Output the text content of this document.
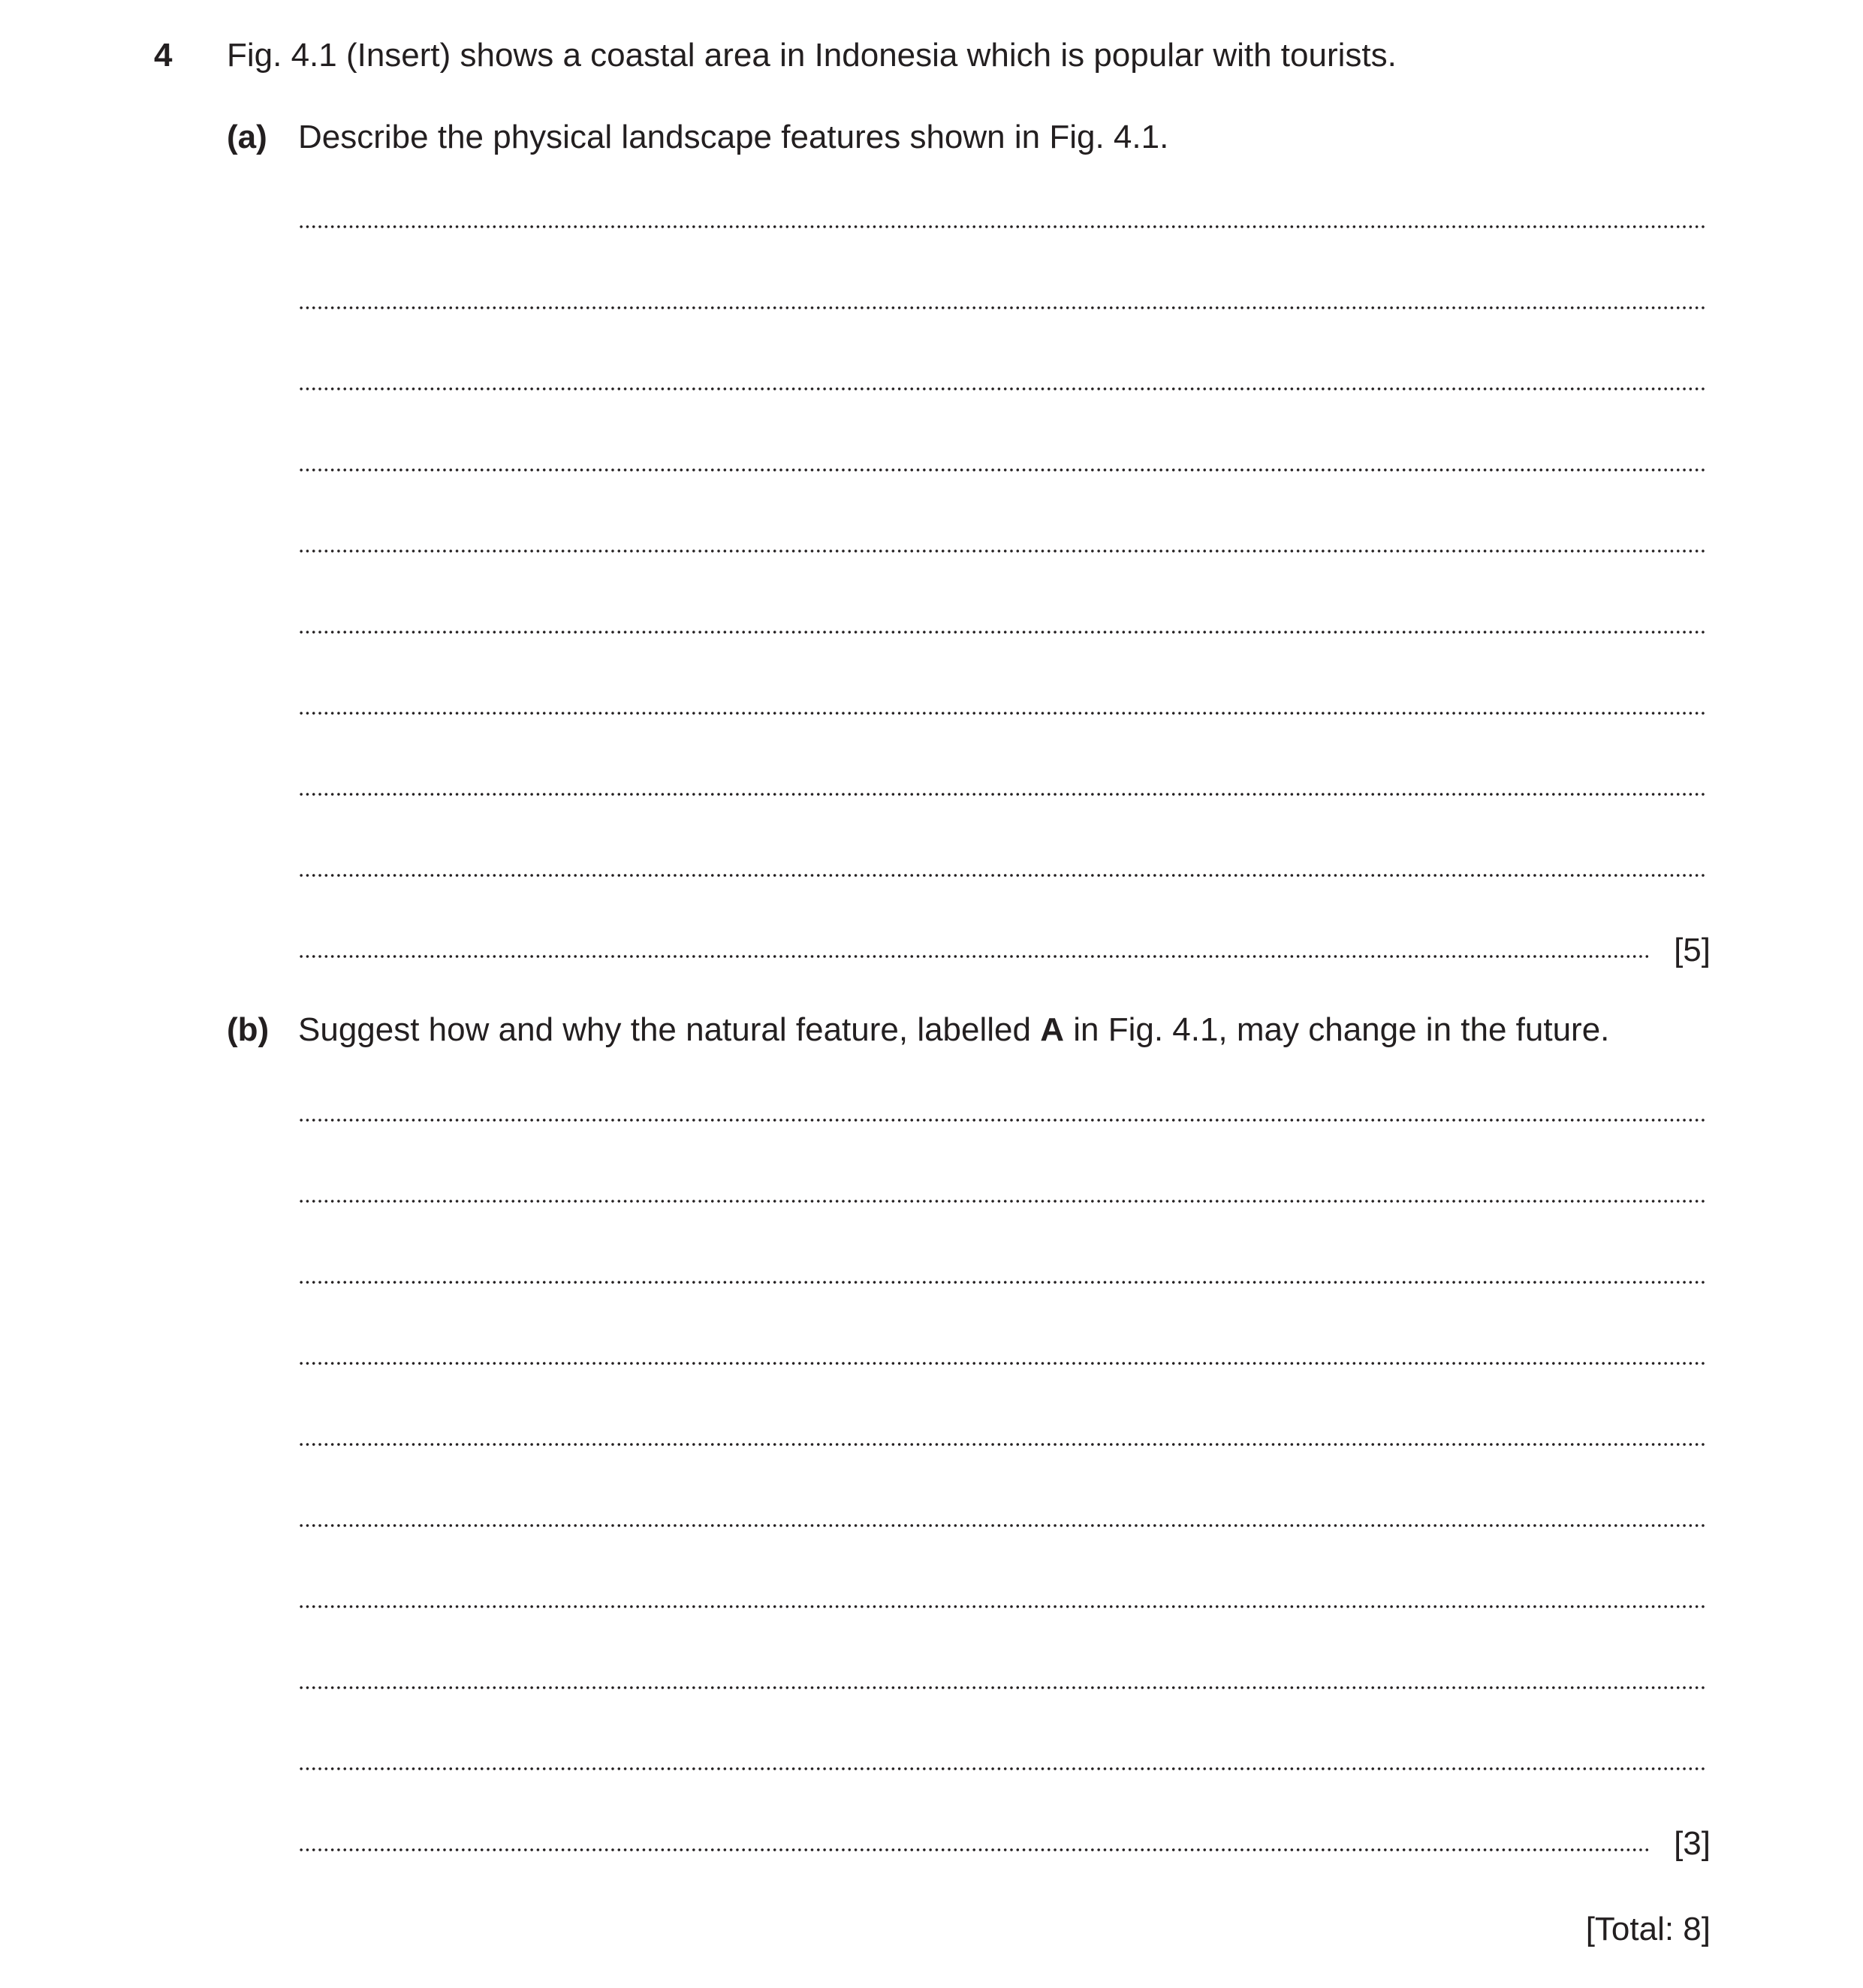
4 Fig. 4.1 (Insert) shows a coastal area in Indonesia which is popular with tourists.
(a) Describe the physical landscape features shown in Fig. 4.1.
[5]
(b) Suggest how and why the natural feature, labelled A in Fig. 4.1, may change in the future.
[3]
[Total: 8]
